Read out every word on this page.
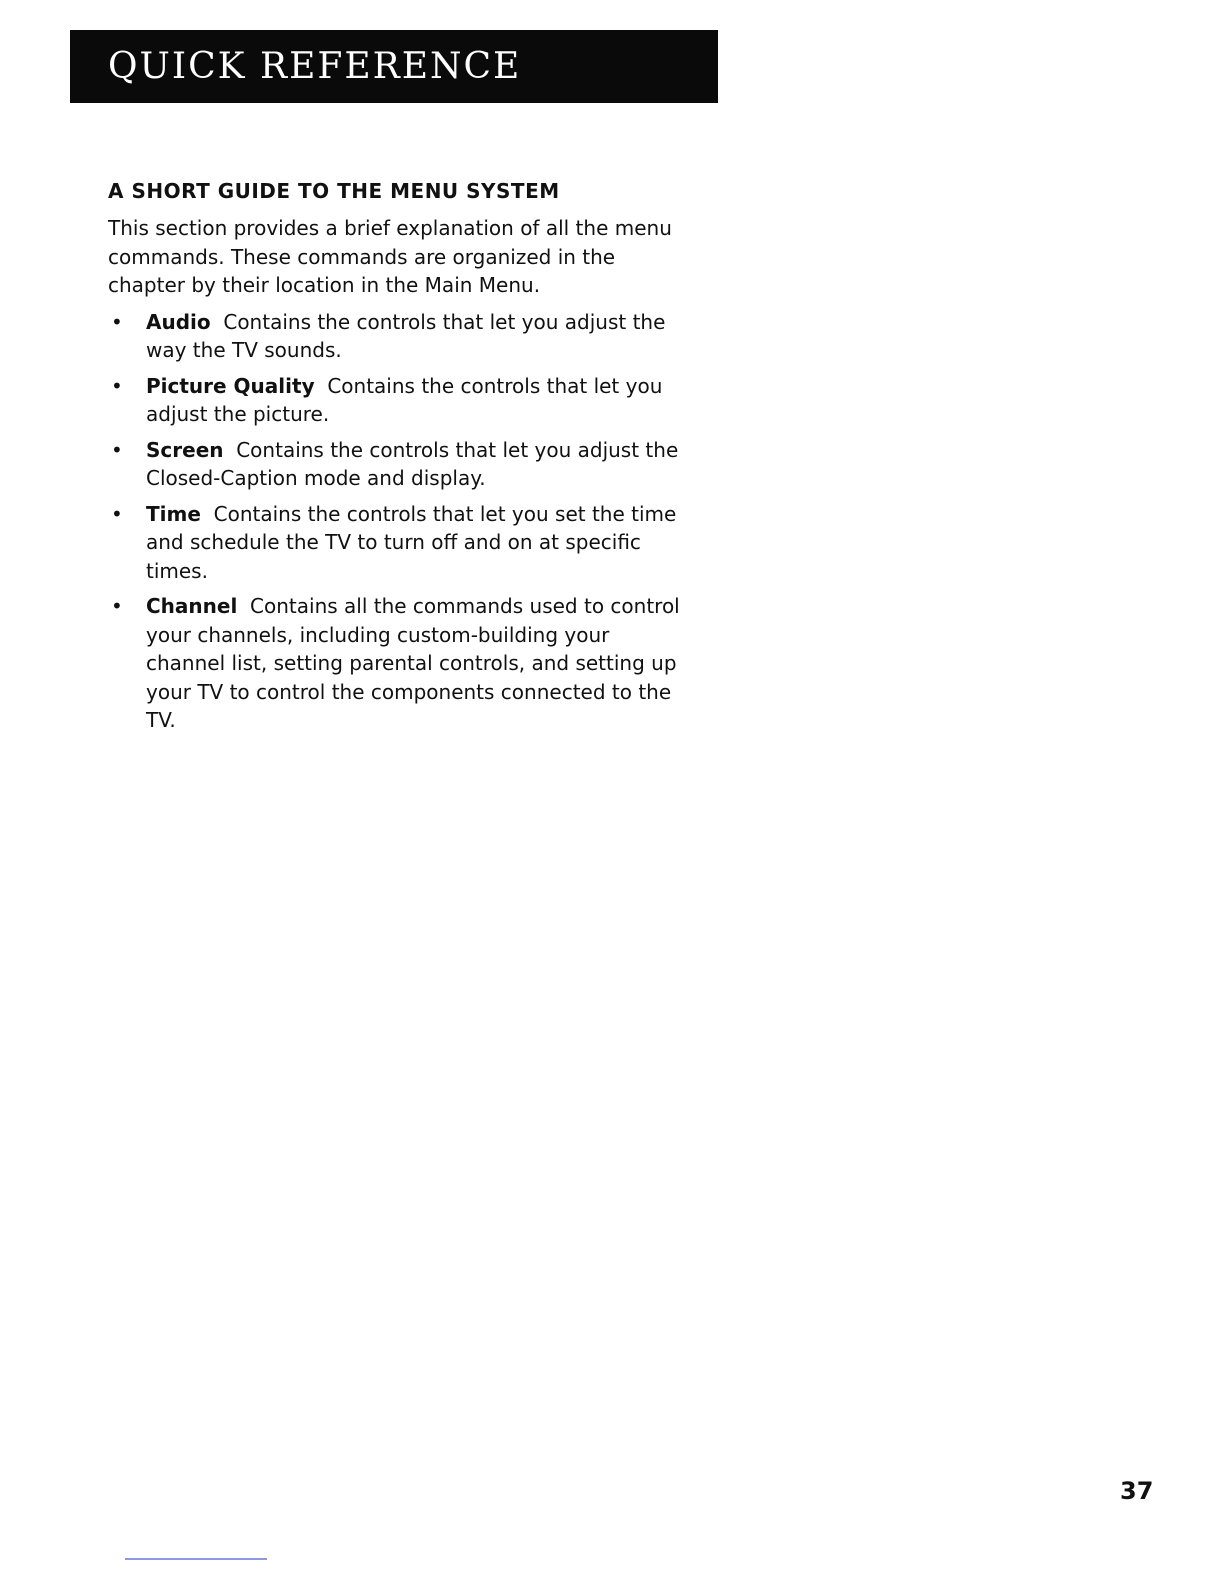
QUICK REFERENCE
A SHORT GUIDE TO THE MENU SYSTEM

This section provides a brief explanation of all the menu commands. These commands are organized in the chapter by their location in the Main Menu.

• Audio Contains the controls that let you adjust the way the TV sounds.
• Picture Quality Contains the controls that let you adjust the picture.
• Screen Contains the controls that let you adjust the Closed-Caption mode and display.
• Time Contains the controls that let you set the time and schedule the TV to turn off and on at specific times.
• Channel Contains all the commands used to control your channels, including custom-building your channel list, setting parental controls, and setting up your TV to control the components connected to the TV.

37
